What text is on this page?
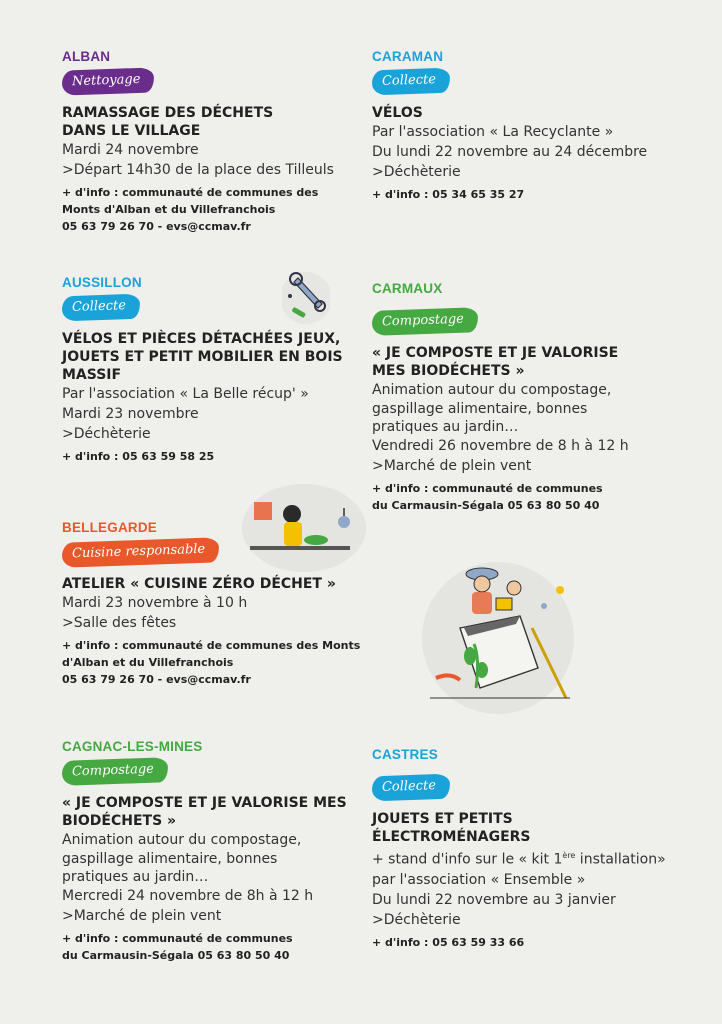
ALBAN

Nettoyage

RAMASSAGE DES DÉCHETS

DANS LE VILLAGE

Mardi 24 novembre

>Départ 14h30 de la place des Tilleuls

+ d'info : communauté de communes des
Monts d'Alban et du Villefranchois
05 63 79 26 70 - evs@ccmav.fr

AUSSILLON

Collecte

VÉLOS ET PIÈCES DÉTACHÉES JEUX,

JOUETS ET PETIT MOBILIER EN BOIS

MASSIF

Par l'association « La Belle récup' »

Mardi 23 novembre

>Déchèterie

+ d'info : 05 63 59 58 25

BELLEGARDE

Cuisine responsable

ATELIER « CUISINE ZÉRO DÉCHET »

Mardi 23 novembre à 10 h

>Salle des fêtes

+ d'info : communauté de communes des Monts
d'Alban et du Villefranchois
05 63 79 26 70 - evs@ccmav.fr

CAGNAC-LES-MINES

Compostage

« JE COMPOSTE ET JE VALORISE MES

BIODÉCHETS »

Animation autour du compostage,

gaspillage alimentaire, bonnes

pratiques au jardin…

Mercredi 24 novembre de 8h à 12 h

>Marché de plein vent

+ d'info : communauté de communes
du Carmausin-Ségala 05 63 80 50 40

CARAMAN

Collecte

VÉLOS

Par l'association « La Recyclante »

Du lundi 22 novembre au 24 décembre

>Déchèterie

+ d'info : 05 34 65 35 27

CARMAUX

Compostage

« JE COMPOSTE ET JE VALORISE

MES BIODÉCHETS »

Animation autour du compostage,

gaspillage alimentaire, bonnes

pratiques au jardin…

Vendredi 26 novembre de 8 h à 12 h

>Marché de plein vent

+ d'info : communauté de communes
du Carmausin-Ségala 05 63 80 50 40

CASTRES

Collecte

JOUETS ET PETITS ÉLECTROMÉNAGERS

+ stand d'info sur le « kit 1ère installation»

par l'association « Ensemble »

Du lundi 22 novembre au 3 janvier

>Déchèterie

+ d'info : 05 63 59 33 66
